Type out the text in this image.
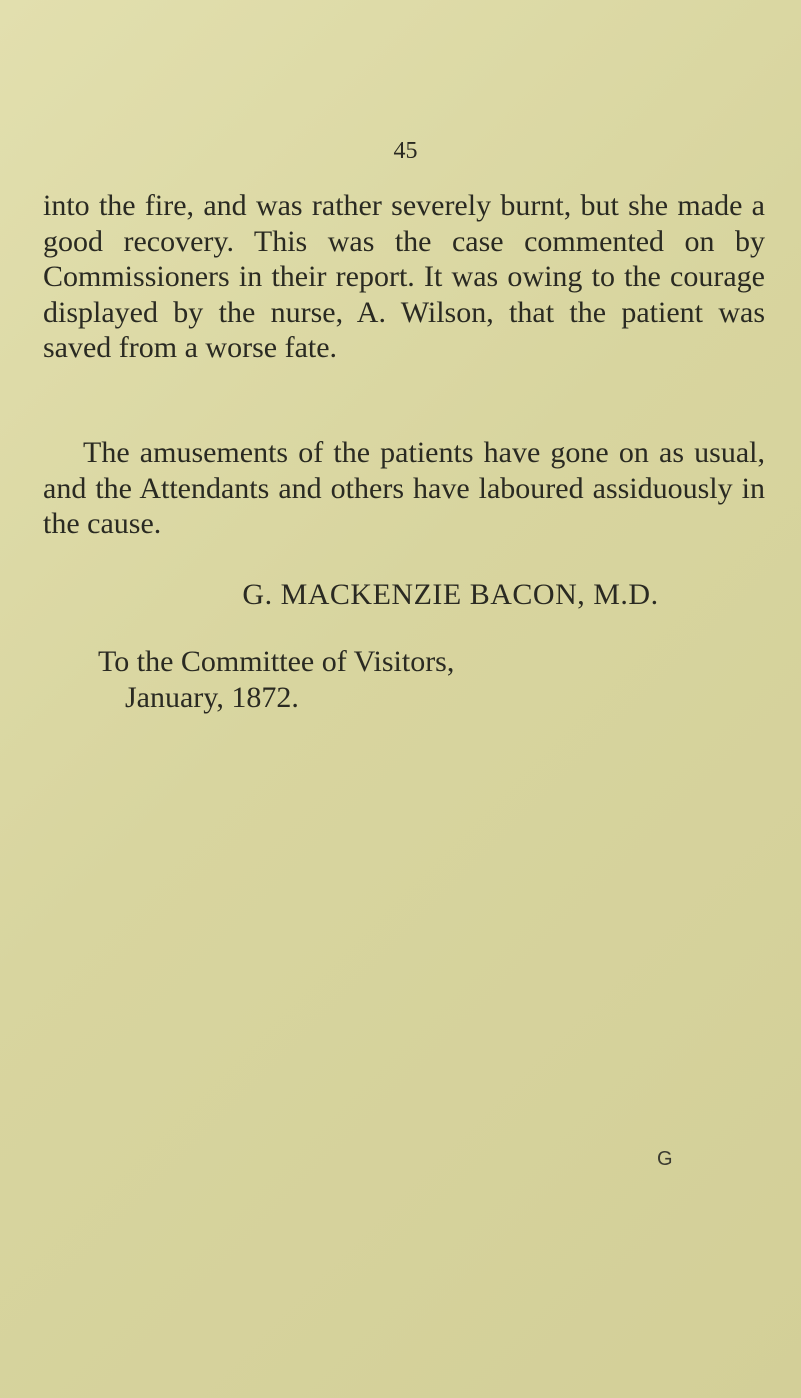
45

into the fire, and was rather severely burnt, but she made a good recovery. This was the case commented on by Commissioners in their report. It was owing to the courage displayed by the nurse, A. Wilson, that the patient was saved from a worse fate.

The amusements of the patients have gone on as usual, and the Attendants and others have laboured assiduously in the cause.

G. MACKENZIE BACON, M.D.
To the Committee of Visitors,
January, 1872.
G
